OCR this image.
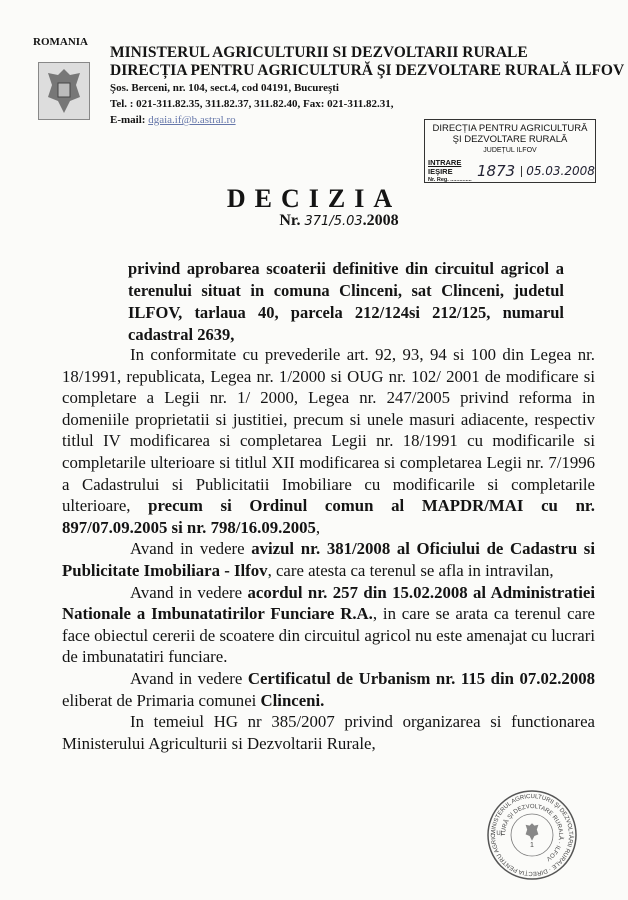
ROMANIA
MINISTERUL AGRICULTURII SI DEZVOLTARII RURALE
DIRECȚIA PENTRU AGRICULTURĂ ŞI DEZVOLTARE RURALĂ ILFOV
Şos. Berceni, nr. 104, sect.4, cod 04191, Bucureşti
Tel. : 021-311.82.35, 311.82.37, 311.82.40, Fax: 021-311.82.31,
E-mail: dgaia.if@b.astral.ro
DIRECȚIA PENTRU AGRICULTURĂ
ŞI DEZVOLTARE RURALĂ
JUDEȚUL ILFOV
INTRARE
IEŞIRE
Nr. Reg. .............. 1873 05.03.2008
DECIZIA
Nr. 371/5.03.2008
privind aprobarea scoaterii definitive din circuitul agricol a terenului situat in comuna Clinceni, sat Clinceni, judetul ILFOV, tarlaua 40, parcela 212/124si 212/125, numarul cadastral 2639,

In conformitate cu prevederile art. 92, 93, 94 si 100 din Legea nr. 18/1991, republicata, Legea nr. 1/2000 si OUG nr. 102/ 2001 de modificare si completare a Legii nr. 1/ 2000, Legea nr. 247/2005 privind reforma in domeniile proprietatii si justitiei, precum si unele masuri adiacente, respectiv titlul IV modificarea si completarea Legii nr. 18/1991 cu modificarile si completarile ulterioare si titlul XII modificarea si completarea Legii nr. 7/1996 a Cadastrului si Publicitatii Imobiliare cu modificarile si completarile ulterioare, precum si Ordinul comun al MAPDR/MAI cu nr. 897/07.09.2005 si nr. 798/16.09.2005,

Avand in vedere avizul nr. 381/2008 al Oficiului de Cadastru si Publicitate Imobiliara - Ilfov, care atesta ca terenul se afla in intravilan,

Avand in vedere acordul nr. 257 din 15.02.2008 al Administratiei Nationale a Imbunatatirilor Funciare R.A., in care se arata ca terenul care face obiectul cererii de scoatere din circuitul agricol nu este amenajat cu lucrari de imbunatatiri funciare.

Avand in vedere Certificatul de Urbanism nr. 115 din 07.02.2008 eliberat de Primaria comunei Clinceni.

In temeiul HG nr 385/2007 privind organizarea si functionarea Ministerului Agriculturii si Dezvoltarii Rurale,

MINISTERUL AGRICULTURII ŞI DEZVOLTĂRII RURALE · DIRECȚIA PENTRU AGRICULTURĂ ŞI DEZVOLTARE RURALĂ · ILFOV
1
